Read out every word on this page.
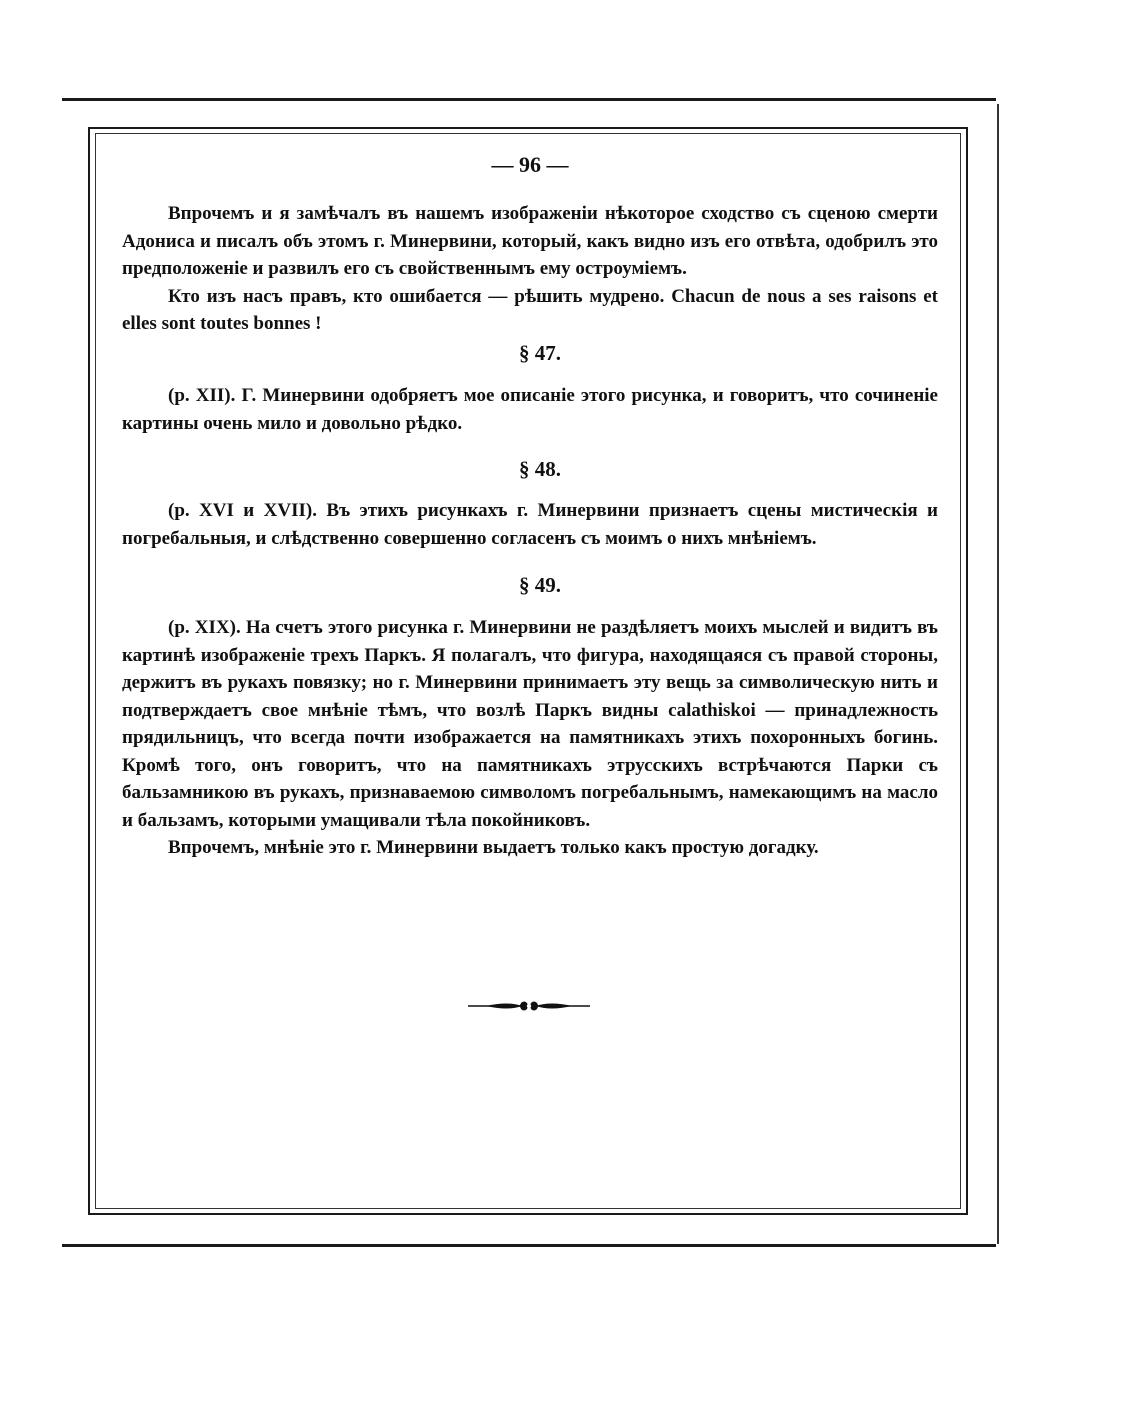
— 96 —

Впрочемъ и я замѣчалъ въ нашемъ изображеніи нѣкоторое сходство съ сценою смерти Адониса и писалъ объ этомъ г. Минервини, который, какъ видно изъ его отвѣта, одобрилъ это предположеніе и развилъ его съ свойственнымъ ему остроуміемъ.

Кто изъ насъ правъ, кто ошибается — рѣшить мудрено. Chacun de nous a ses raisons et elles sont toutes bonnes !

§ 47.

(p. XII). Г. Минервини одобряетъ мое описаніе этого рисунка, и говоритъ, что сочиненіе картины очень мило и довольно рѣдко.

§ 48.

(p. XVI и XVII). Въ этихъ рисункахъ г. Минервини признаетъ сцены мистическія и погребальныя, и слѣдственно совершенно согласенъ съ моимъ о нихъ мнѣніемъ.

§ 49.

(p. XIX). На счетъ этого рисунка г. Минервини не раздѣляетъ моихъ мыслей и видитъ въ картинѣ изображеніе трехъ Паркъ. Я полагалъ, что фигура, находящаяся съ правой стороны, держитъ въ рукахъ повязку; но г. Минервини принимаетъ эту вещь за символическую нить и подтверждаетъ свое мнѣніе тѣмъ, что возлѣ Паркъ видны calathiskoi — принадлежность прядильницъ, что всегда почти изображается на памятникахъ этихъ похоронныхъ богинь. Кромѣ того, онъ говоритъ, что на памятникахъ этрусскихъ встрѣчаются Парки съ бальзамникою въ рукахъ, признаваемою символомъ погребальнымъ, намекающимъ на масло и бальзамъ, которыми умащивали тѣла покойниковъ.

Впрочемъ, мнѣніе это г. Минервини выдаетъ только какъ простую догадку.
